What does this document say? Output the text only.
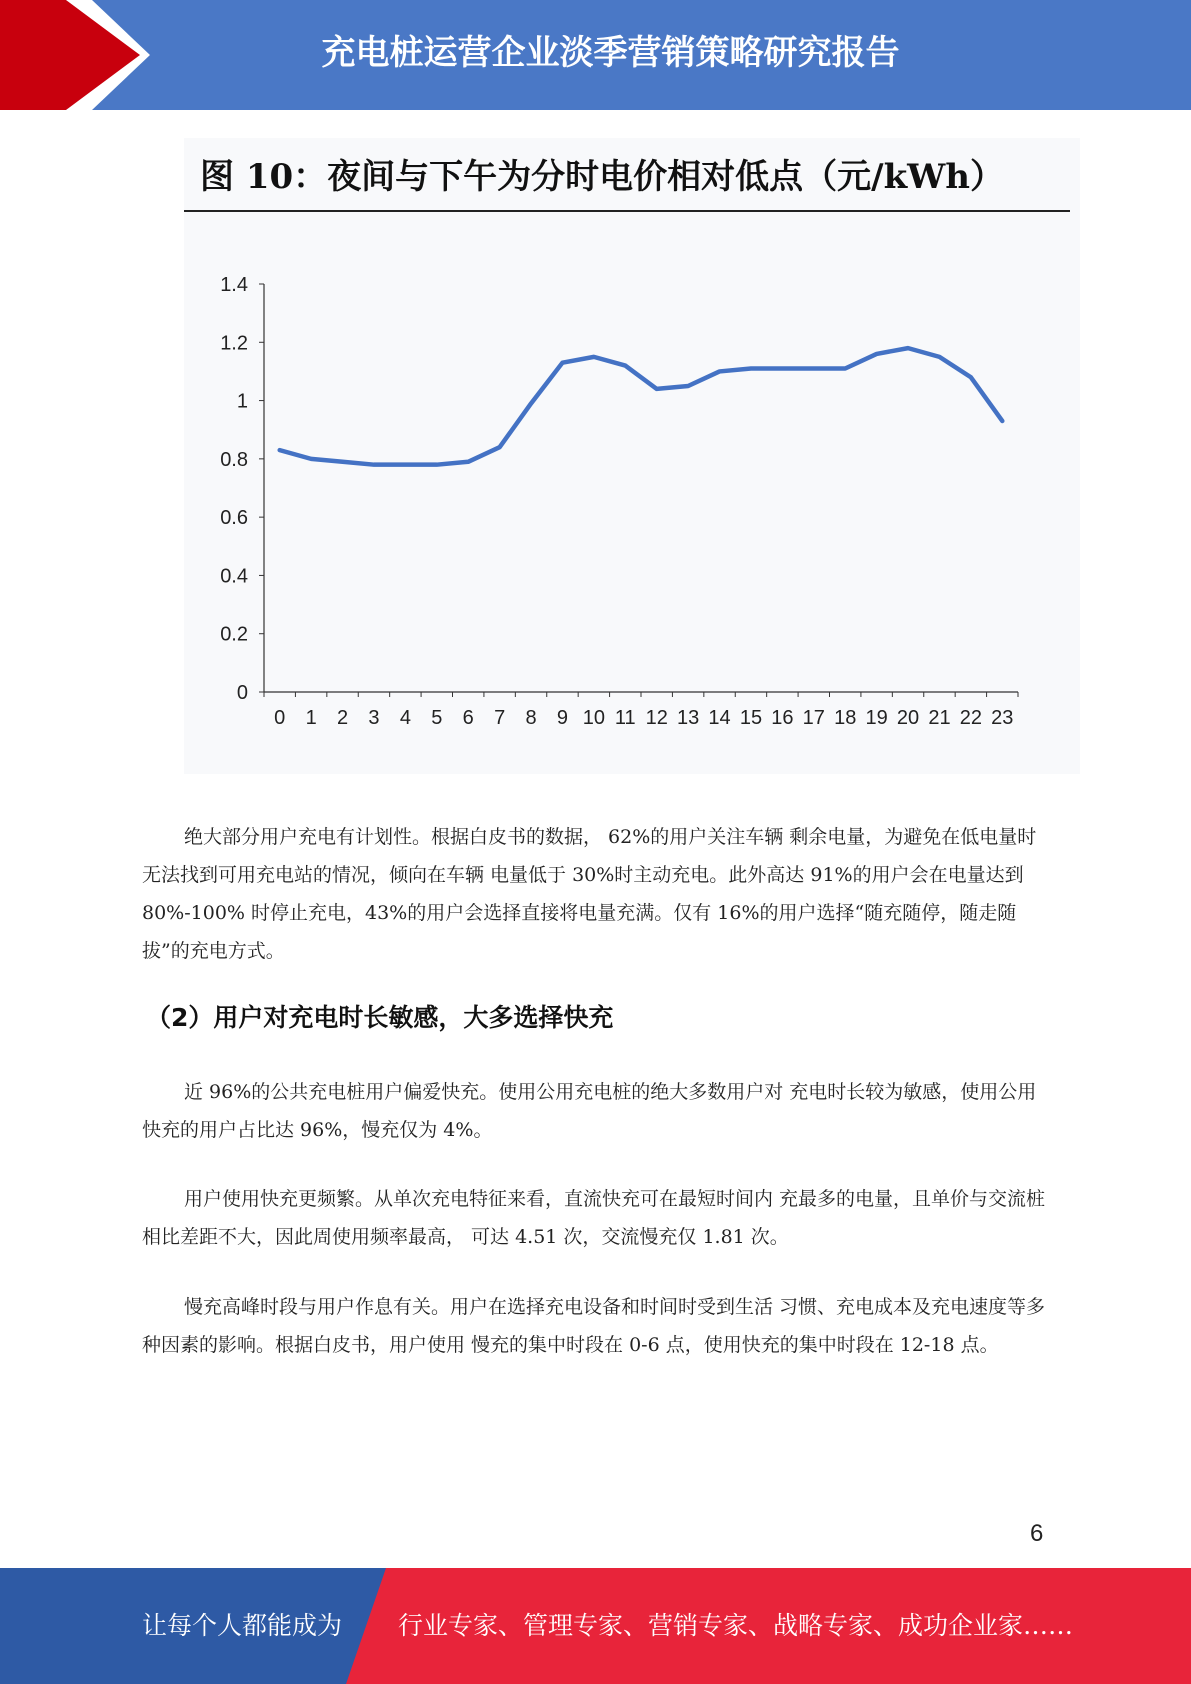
充电桩运营企业淡季营销策略研究报告
图 10：夜间与下午为分时电价相对低点（元/kWh）
0
0.2
0.4
0.6
0.8
1
1.2
1.4
0 1 2 3 4 5 6 7 8 9 10 11 12 13 14 15 16 17 18 19 20 21 22 23

绝大部分用户充电有计划性。根据白皮书的数据， 62%的用户关注车辆 剩余电量，为避免在低电量时无法找到可用充电站的情况，倾向在车辆 电量低于 30%时主动充电。此外高达 91%的用户会在电量达到 80%-100% 时停止充电，43%的用户会选择直接将电量充满。仅有 16%的用户选择“随充随停，随走随拔”的充电方式。

（2）用户对充电时长敏感，大多选择快充

近 96%的公共充电桩用户偏爱快充。使用公用充电桩的绝大多数用户对 充电时长较为敏感，使用公用快充的用户占比达 96%，慢充仅为 4%。

用户使用快充更频繁。从单次充电特征来看，直流快充可在最短时间内 充最多的电量，且单价与交流桩相比差距不大，因此周使用频率最高， 可达 4.51 次，交流慢充仅 1.81 次。

慢充高峰时段与用户作息有关。用户在选择充电设备和时间时受到生活 习惯、充电成本及充电速度等多种因素的影响。根据白皮书，用户使用 慢充的集中时段在 0-6 点，使用快充的集中时段在 12-18 点。

6
让每个人都能成为 行业专家、管理专家、营销专家、战略专家、成功企业家……
